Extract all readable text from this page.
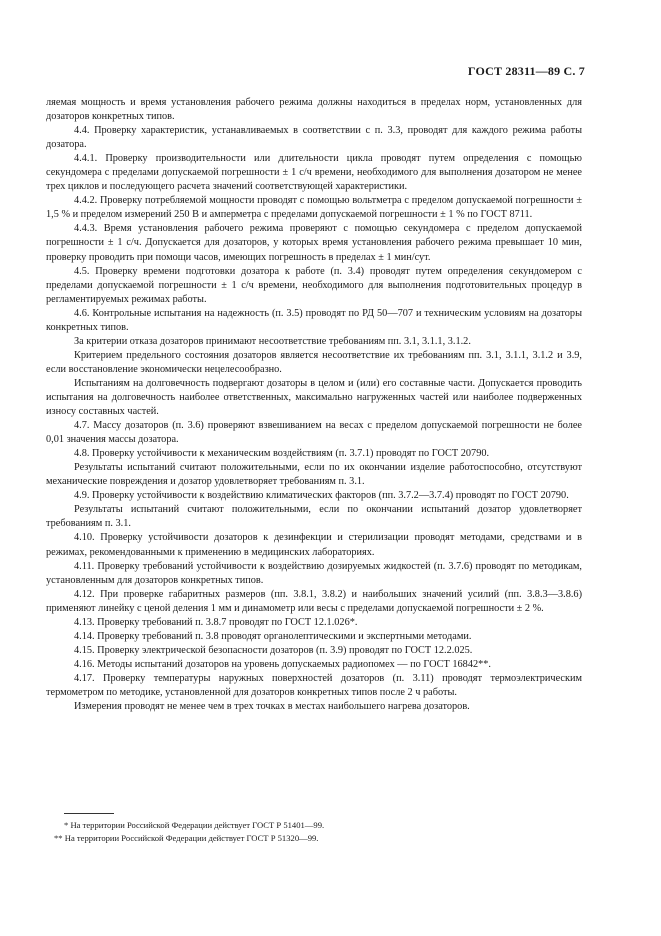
ГОСТ 28311—89 С. 7

ляемая мощность и время установления рабочего режима должны находиться в пределах норм, установленных для дозаторов конкретных типов.

4.4. Проверку характеристик, устанавливаемых в соответствии с п. 3.3, проводят для каждого режима работы дозатора.

4.4.1. Проверку производительности или длительности цикла проводят путем определения с помощью секундомера с пределами допускаемой погрешности ± 1 с/ч времени, необходимого для выполнения дозатором не менее трех циклов и последующего расчета значений соответствующей характеристики.

4.4.2. Проверку потребляемой мощности проводят с помощью вольтметра с пределом допускаемой погрешности ± 1,5 % и пределом измерений 250 В и амперметра с пределами допускаемой погрешности ± 1 % по ГОСТ 8711.

4.4.3. Время установления рабочего режима проверяют с помощью секундомера с пределом допускаемой погрешности ± 1 с/ч. Допускается для дозаторов, у которых время установления рабочего режима превышает 10 мин, проверку проводить при помощи часов, имеющих погрешность в пределах ± 1 мин/сут.

4.5. Проверку времени подготовки дозатора к работе (п. 3.4) проводят путем определения секундомером с пределами допускаемой погрешности ± 1 с/ч времени, необходимого для выполнения подготовительных процедур в регламентируемых режимах работы.

4.6. Контрольные испытания на надежность (п. 3.5) проводят по РД 50—707 и техническим условиям на дозаторы конкретных типов.

За критерии отказа дозаторов принимают несоответствие требованиям пп. 3.1, 3.1.1, 3.1.2.

Критерием предельного состояния дозаторов является несоответствие их требованиям пп. 3.1, 3.1.1, 3.1.2 и 3.9, если восстановление экономически нецелесообразно.

Испытаниям на долговечность подвергают дозаторы в целом и (или) его составные части. Допускается проводить испытания на долговечность наиболее ответственных, максимально нагруженных частей или наиболее подверженных износу составных частей.

4.7. Массу дозаторов (п. 3.6) проверяют взвешиванием на весах с пределом допускаемой погрешности не более 0,01 значения массы дозатора.

4.8. Проверку устойчивости к механическим воздействиям (п. 3.7.1) проводят по ГОСТ 20790.

Результаты испытаний считают положительными, если по их окончании изделие работоспособно, отсутствуют механические повреждения и дозатор удовлетворяет требованиям п. 3.1.

4.9. Проверку устойчивости к воздействию климатических факторов (пп. 3.7.2—3.7.4) проводят по ГОСТ 20790.

Результаты испытаний считают положительными, если по окончании испытаний дозатор удовлетворяет требованиям п. 3.1.

4.10. Проверку устойчивости дозаторов к дезинфекции и стерилизации проводят методами, средствами и в режимах, рекомендованными к применению в медицинских лабораториях.

4.11. Проверку требований устойчивости к воздействию дозируемых жидкостей (п. 3.7.6) проводят по методикам, установленным для дозаторов конкретных типов.

4.12. При проверке габаритных размеров (пп. 3.8.1, 3.8.2) и наибольших значений усилий (пп. 3.8.3—3.8.6) применяют линейку с ценой деления 1 мм и динамометр или весы с пределами допускаемой погрешности ± 2 %.

4.13. Проверку требований п. 3.8.7 проводят по ГОСТ 12.1.026*.

4.14. Проверку требований п. 3.8 проводят органолептическими и экспертными методами.

4.15. Проверку электрической безопасности дозаторов (п. 3.9) проводят по ГОСТ 12.2.025.

4.16. Методы испытаний дозаторов на уровень допускаемых радиопомех — по ГОСТ 16842**.

4.17. Проверку температуры наружных поверхностей дозаторов (п. 3.11) проводят термоэлектрическим термометром по методике, установленной для дозаторов конкретных типов после 2 ч работы.

Измерения проводят не менее чем в трех точках в местах наибольшего нагрева дозаторов.

* На территории Российской Федерации действует ГОСТ Р 51401—99.

** На территории Российской Федерации действует ГОСТ Р 51320—99.
